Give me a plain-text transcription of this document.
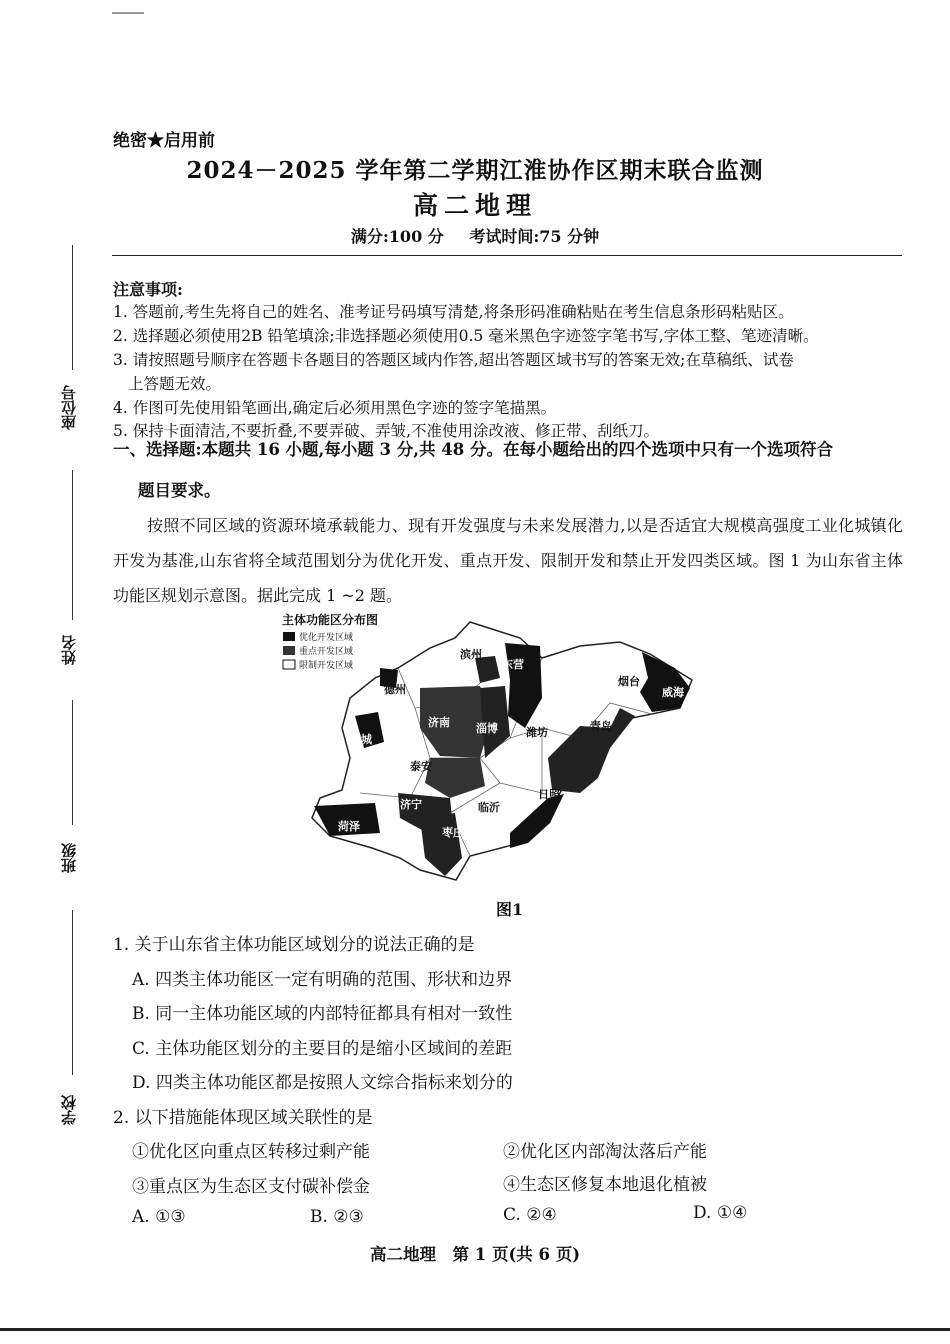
座位号
姓名
班级
学校
绝密★启用前
2024－2025 学年第二学期江淮协作区期末联合监测
高二地理
满分:100 分 考试时间:75 分钟
注意事项:
1. 答题前,考生先将自己的姓名、准考证号码填写清楚,将条形码准确粘贴在考生信息条形码粘贴区。
2. 选择题必须使用2B 铅笔填涂;非选择题必须使用0.5 毫米黑色字迹签字笔书写,字体工整、笔迹清晰。
3. 请按照题号顺序在答题卡各题目的答题区域内作答,超出答题区域书写的答案无效;在草稿纸、试卷
上答题无效。
4. 作图可先使用铅笔画出,确定后必须用黑色字迹的签字笔描黑。
5. 保持卡面清洁,不要折叠,不要弄破、弄皱,不准使用涂改液、修正带、刮纸刀。
一、选择题:本题共 16 小题,每小题 3 分,共 48 分。在每小题给出的四个选项中只有一个选项符合
题目要求。
按照不同区域的资源环境承载能力、现有开发强度与未来发展潜力,以是否适宜大规模高强度工业化城镇化开发为基准,山东省将全域范围划分为优化开发、重点开发、限制开发和禁止开发四类区域。图 1 为山东省主体功能区规划示意图。据此完成 1 ~2 题。
主体功能区分布图
优化开发区域
重点开发区域
限制开发区域
滨州
东营
德州
烟台
威海
济南 淄博
聊城
潍坊	青岛
泰安
日照
济宁	临沂
菏泽	枣庄
图1
1. 关于山东省主体功能区域划分的说法正确的是
A. 四类主体功能区一定有明确的范围、形状和边界
B. 同一主体功能区域的内部特征都具有相对一致性
C. 主体功能区划分的主要目的是缩小区域间的差距
D. 四类主体功能区都是按照人文综合指标来划分的
2. 以下措施能体现区域关联性的是
①优化区向重点区转移过剩产能	②优化区内部淘汰落后产能
③重点区为生态区支付碳补偿金	④生态区修复本地退化植被
A. ①③	B. ②③	C. ②④	D. ①④
高二地理　第 1 页(共 6 页)
